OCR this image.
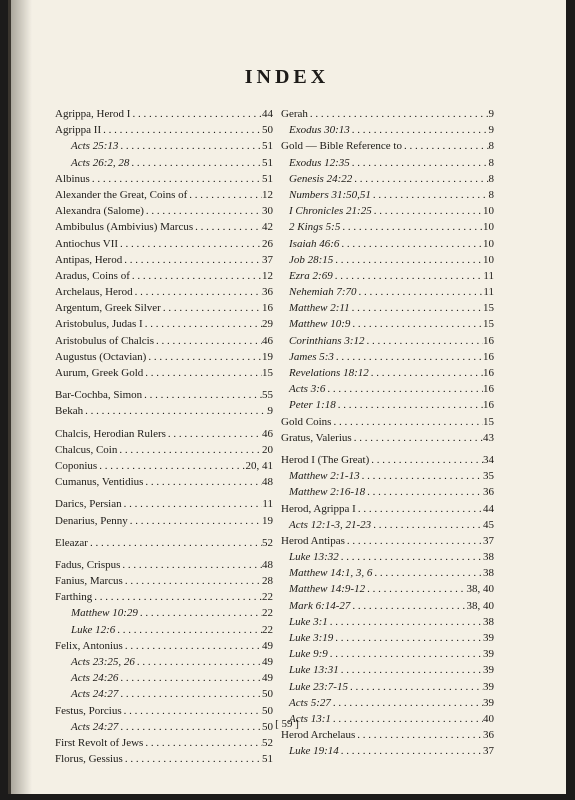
INDEX
Agrippa, Herod I . . .	44
Agrippa II . . .	50
Acts 25:13 . . .	51
Acts 26:2, 28 . . .	51
Albinus . . .	51
Alexander the Great, Coins of . . .	12
Alexandra (Salome) . . .	30
Ambibulus (Ambivius) Marcus . . .	42
Antiochus VII . . .	26
Antipas, Herod . . .	37
Aradus, Coins of . . .	12
Archelaus, Herod . . .	36
Argentum, Greek Silver . . .	16
Aristobulus, Judas I . . .	29
Aristobulus of Chalcis . . .	46
Augustus (Octavian) . . .	19
Aurum, Greek Gold . . .	15
Bar-Cochba, Simon . . .	55
Bekah . . .	9
Chalcis, Herodian Rulers . . .	46
Chalcus, Coin . . .	20
Coponius . . .	20, 41
Cumanus, Ventidius . . .	48
Darics, Persian . . .	11
Denarius, Penny . . .	19
Eleazar . . .	52
Fadus, Crispus . . .	48
Fanius, Marcus . . .	28
Farthing . . .	22
Matthew 10:29 . . .	22
Luke 12:6 . . .	22
Felix, Antonius . . .	49
Acts 23:25, 26 . . .	49
Acts 24:26 . . .	49
Acts 24:27 . . .	50
Festus, Porcius . . .	50
Acts 24:27 . . .	50
First Revolt of Jews . . .	52
Florus, Gessius . . .	51
Gerah . . .	9
Exodus 30:13 . . .	9
Gold — Bible Reference to . . .	8
Exodus 12:35 . . .	8
Genesis 24:22 . . .	8
Numbers 31:50,51 . . .	8
I Chronicles 21:25 . . .	10
2 Kings 5:5 . . .	10
Isaiah 46:6 . . .	10
Job 28:15 . . .	10
Ezra 2:69 . . .	11
Nehemiah 7:70 . . .	11
Matthew 2:11 . . .	15
Matthew 10:9 . . .	15
Corinthians 3:12 . . .	16
James 5:3 . . .	16
Revelations 18:12 . . .	16
Acts 3:6 . . .	16
Peter 1:18 . . .	16
Gold Coins . . .	15
Gratus, Valerius . . .	43
Herod I (The Great) . . .	34
Matthew 2:1-13 . . .	35
Matthew 2:16-18 . . .	36
Herod, Agrippa I . . .	44
Acts 12:1-3, 21-23 . . .	45
Herod Antipas . . .	37
Luke 13:32 . . .	38
Matthew 14:1, 3, 6 . . .	38
Matthew 14:9-12 . . .	38, 40
Mark 6:14-27 . . .	38, 40
Luke 3:1 . . .	38
Luke 3:19 . . .	39
Luke 9:9 . . .	39
Luke 13:31 . . .	39
Luke 23:7-15 . . .	39
Acts 5:27 . . .	39
Acts 13:1 . . .	40
Herod Archelaus . . .	36
Luke 19:14 . . .	37
[ 59 ]
